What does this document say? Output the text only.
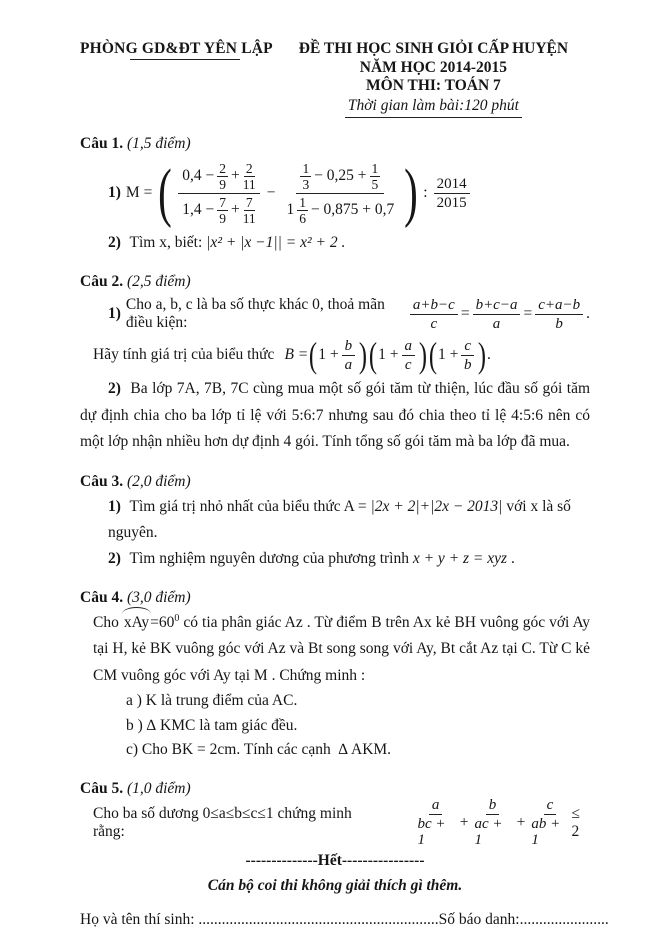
PHÒNG GD&ĐT YÊN LẬP	ĐỀ THI HỌC SINH GIỎI CẤP HUYỆN
NĂM HỌC 2014-2015
MÔN THI: TOÁN 7
Thời gian làm bài:120 phút
Câu 1. (1,5 điểm)
1) M =
( $\frac{0,4 - \frac{2}{9} + \frac{2}{11}}{1,4 - \frac{7}{9} + \frac{7}{11}} - 1$
$3 - 0,25 + \frac{1}{5}$
1 1
6 − 0,875 + 0,7 ) :
2014
2015
2) Tìm x, biết: |x² + |x −1|| = x² + 2 .
Câu 2. (2,5 điểm)
1)
Cho a, b, c là ba số thực khác 0, thoả mãn điều kiện:	$\frac{a+b-c}{c} = \frac{b+c-a}{a} = \frac{c+a-b}{b}$ .
Hãy tính giá trị của biểu thức B = ( $1 + \frac{b}{a}$ ) ( $1 + \frac{a}{c}$ ) ( $1 + \frac{c}{b}$ ) .

2) Ba lớp 7A, 7B, 7C cùng mua một số gói tăm từ thiện, lúc đầu số gói tăm dự định chia cho ba lớp tỉ lệ với 5:6:7 nhưng sau đó chia theo tỉ lệ 4:5:6 nên có một lớp nhận nhiều hơn dự định 4 gói. Tính tổng số gói tăm mà ba lớp đã mua.

Câu 3. (2,0 điểm)
1) Tìm giá trị nhỏ nhất của biểu thức A = |2x + 2|+|2x − 2013| với x là số nguyên.
2) Tìm nghiệm nguyên dương của phương trình x + y + z = xyz .
Câu 4. (3,0 điểm)

Cho $xAy=60^0$ có tia phân giác Az . Từ điểm B trên Ax kẻ BH vuông góc với Ay tại H, kẻ BK vuông góc với Az và Bt song song với Ay, Bt cắt Az tại C. Từ C kẻ CM vuông góc với Ay tại M . Chứng minh :

a ) K là trung điểm của AC.
b ) ∆ KMC là tam giác đều.
c) Cho BK = 2cm. Tính các cạnh ∆ AKM.
Câu 5. (1,0 điểm)
Cho ba số dương 0≤a≤b≤c≤1 chứng minh rằng:
a
bc + 1
+ $\frac{b}{ac + 1} + \frac{c}{ab + 1} \le 2$
--------------Hết----------------
Cán bộ coi thi không giải thích gì thêm.
Họ và tên thí sinh: ..............................................................Số báo danh:.......................
